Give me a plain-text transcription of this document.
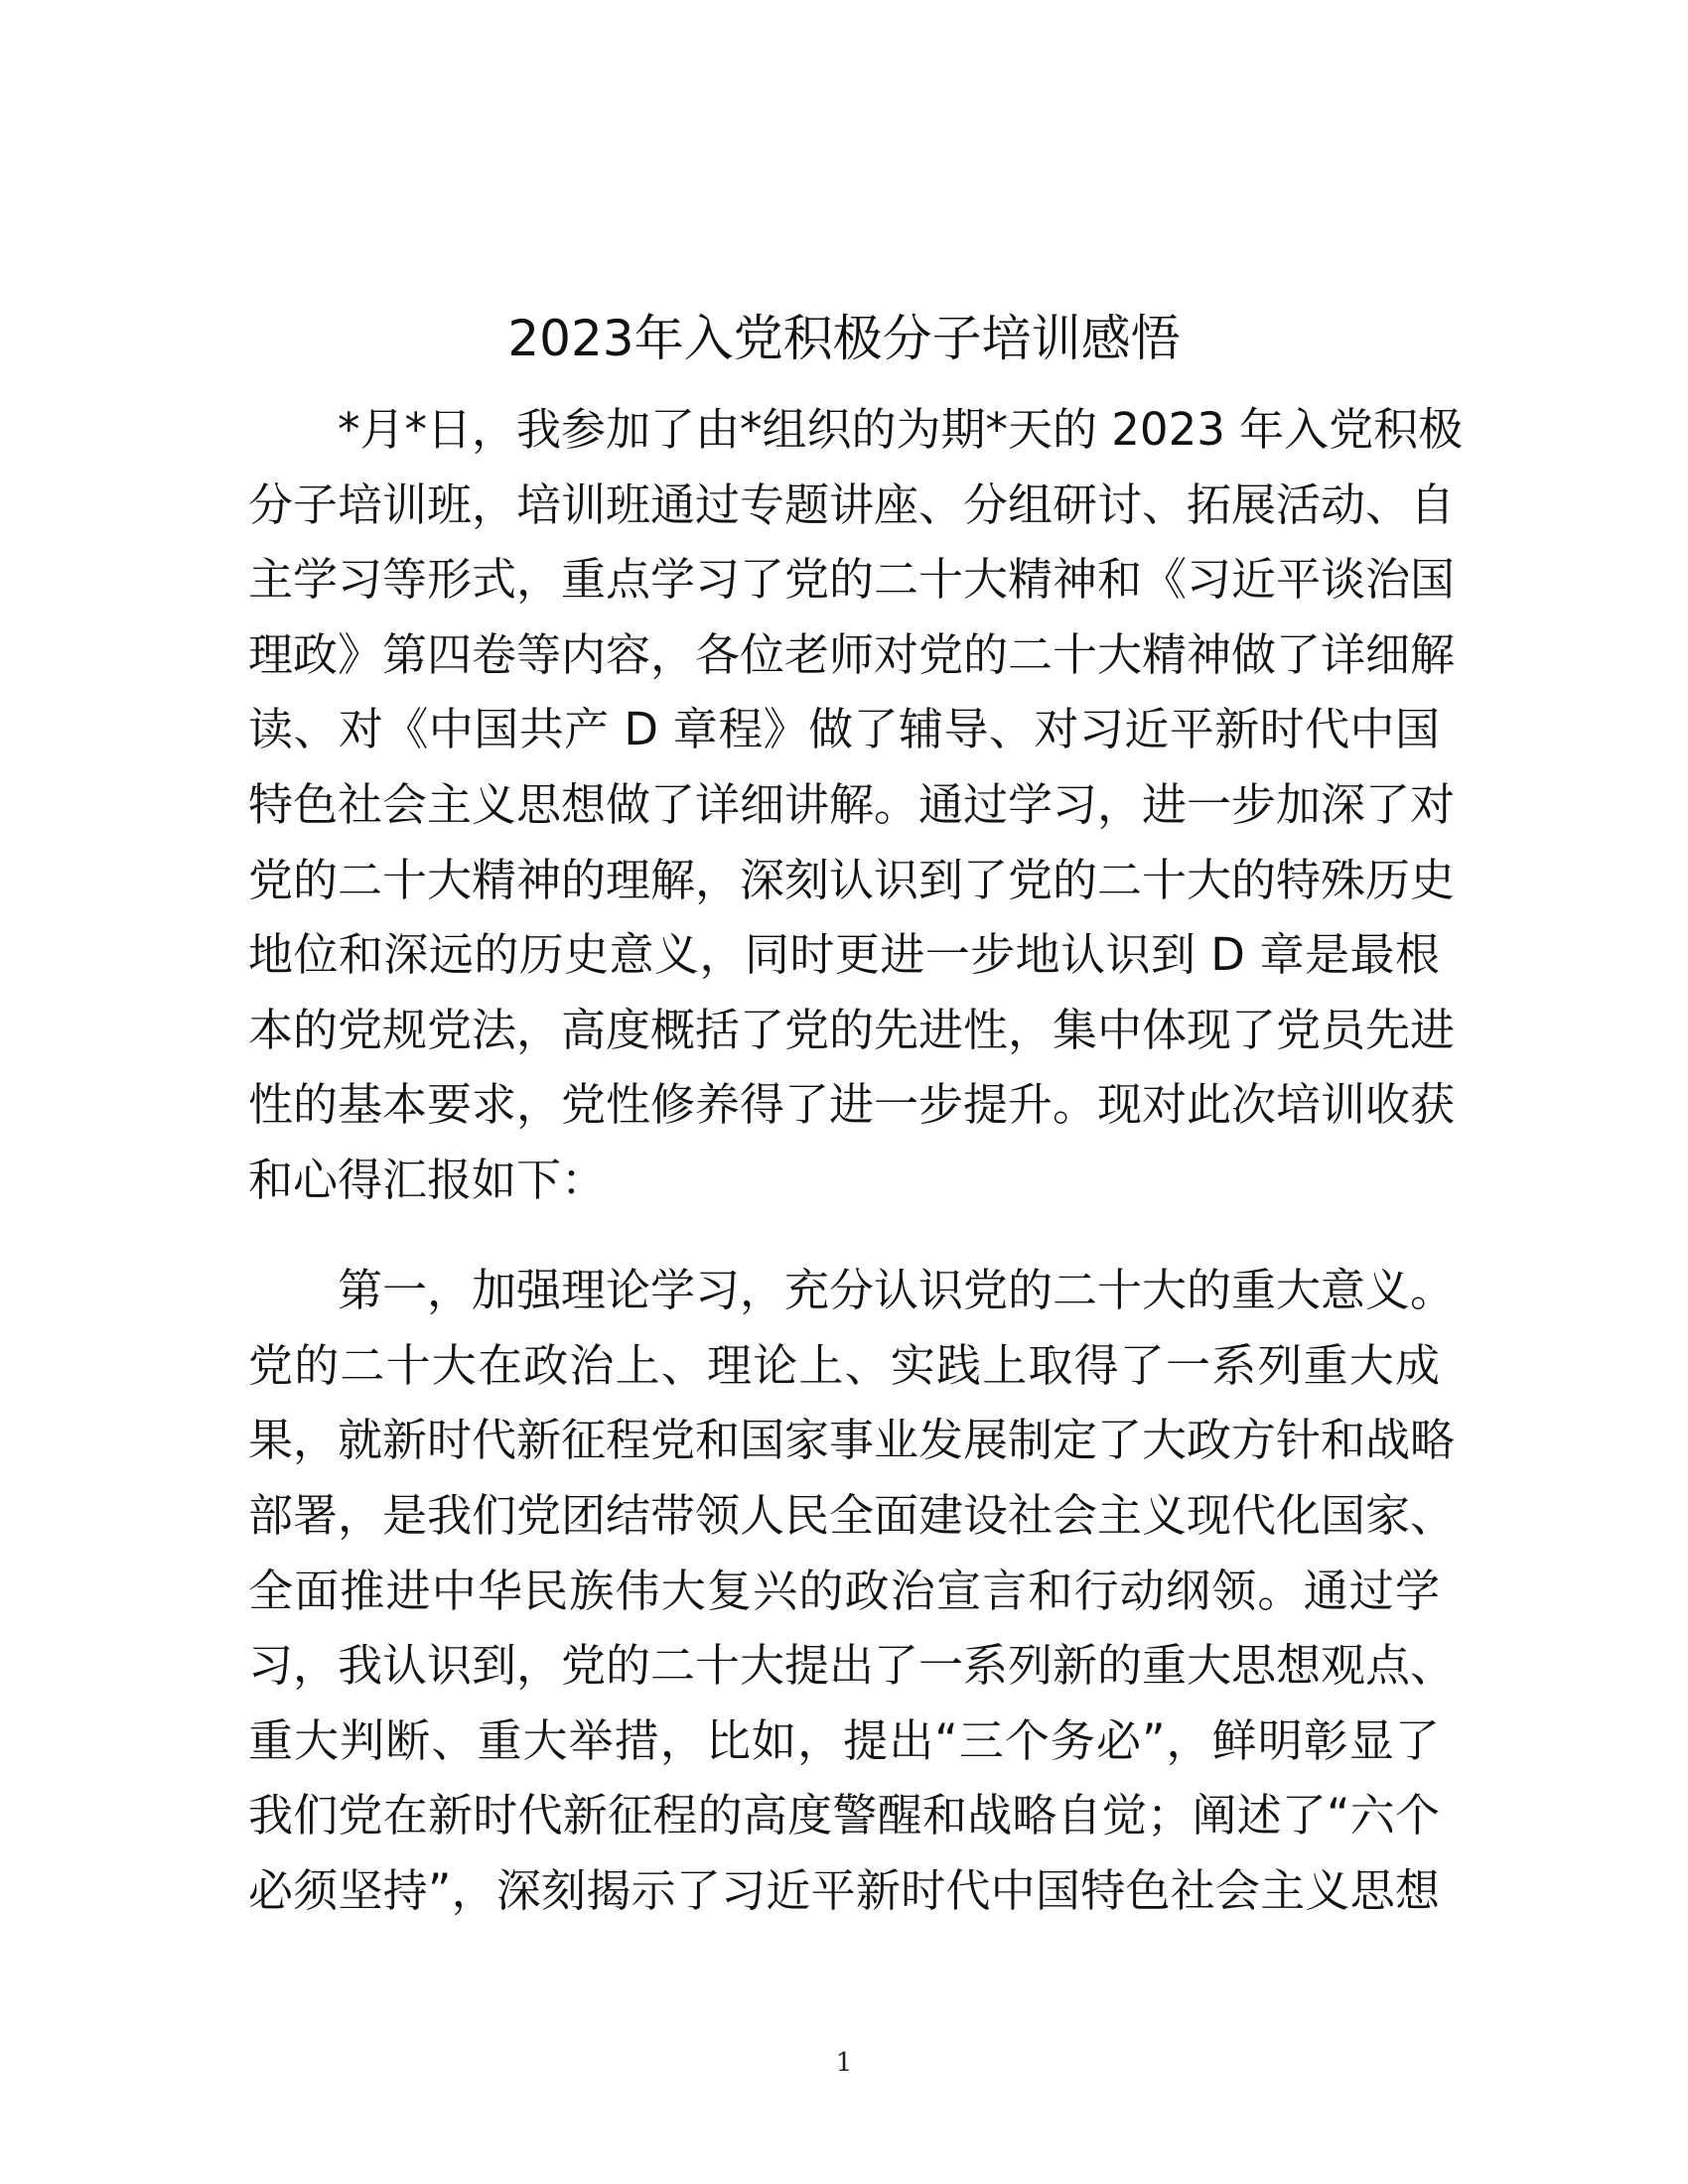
2023年入党积极分子培训感悟

*月*日，我参加了由*组织的为期*天的 2023 年入党积极

分子培训班，培训班通过专题讲座、分组研讨、拓展活动、自

主学习等形式，重点学习了党的二十大精神和《习近平谈治国

理政》第四卷等内容，各位老师对党的二十大精神做了详细解

读、对《中国共产 D 章程》做了辅导、对习近平新时代中国

特色社会主义思想做了详细讲解。通过学习，进一步加深了对

党的二十大精神的理解，深刻认识到了党的二十大的特殊历史

地位和深远的历史意义，同时更进一步地认识到 D 章是最根

本的党规党法，高度概括了党的先进性，集中体现了党员先进

性的基本要求，党性修养得了进一步提升。现对此次培训收获

和心得汇报如下：

第一，加强理论学习，充分认识党的二十大的重大意义。

党的二十大在政治上、理论上、实践上取得了一系列重大成

果，就新时代新征程党和国家事业发展制定了大政方针和战略

部署，是我们党团结带领人民全面建设社会主义现代化国家、

全面推进中华民族伟大复兴的政治宣言和行动纲领。通过学

习，我认识到，党的二十大提出了一系列新的重大思想观点、

重大判断、重大举措，比如，提出“三个务必”，鲜明彰显了

我们党在新时代新征程的高度警醒和战略自觉；阐述了“六个

必须坚持”，深刻揭示了习近平新时代中国特色社会主义思想

1
